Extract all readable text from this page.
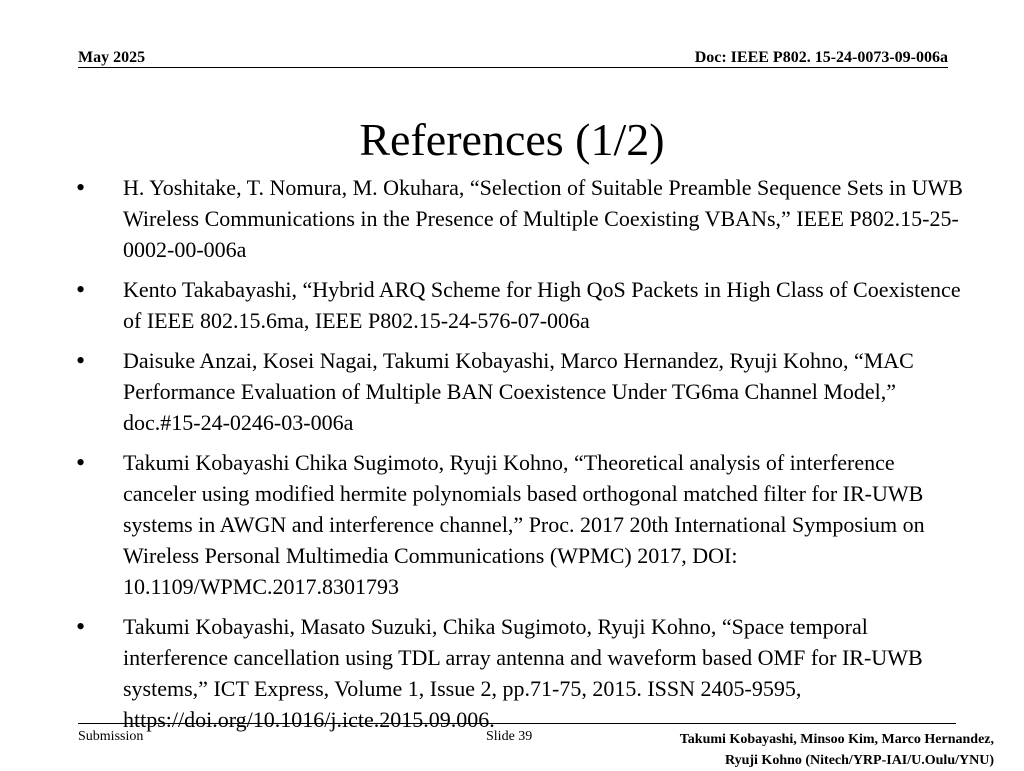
May 2025	Doc: IEEE P802. 15-24-0073-09-006a
References (1/2)
• H. Yoshitake, T. Nomura, M. Okuhara, “Selection of Suitable Preamble Sequence Sets in UWB Wireless Communications in the Presence of Multiple Coexisting VBANs,” IEEE P802.15-25-0002-00-006a
• Kento Takabayashi, “Hybrid ARQ Scheme for High QoS Packets in High Class of Coexistence of IEEE 802.15.6ma, IEEE P802.15-24-576-07-006a
• Daisuke Anzai, Kosei Nagai, Takumi Kobayashi, Marco Hernandez, Ryuji Kohno, “MAC Performance Evaluation of Multiple BAN Coexistence Under TG6ma Channel Model,” doc.#15-24-0246-03-006a
• Takumi Kobayashi Chika Sugimoto, Ryuji Kohno, “Theoretical analysis of interference canceler using modified hermite polynomials based orthogonal matched filter for IR-UWB systems in AWGN and interference channel,” Proc. 2017 20th International Symposium on Wireless Personal Multimedia Communications (WPMC) 2017, DOI: 10.1109/WPMC.2017.8301793
• Takumi Kobayashi, Masato Suzuki, Chika Sugimoto, Ryuji Kohno, “Space temporal interference cancellation using TDL array antenna and waveform based OMF for IR-UWB systems,” ICT Express, Volume 1, Issue 2, pp.71-75, 2015. ISSN 2405-9595, https://doi.org/10.1016/j.icte.2015.09.006.
Submission	Slide 39	Takumi Kobayashi, Minsoo Kim, Marco Hernandez,
Ryuji Kohno (Nitech/YRP-IAI/U.Oulu/YNU)
